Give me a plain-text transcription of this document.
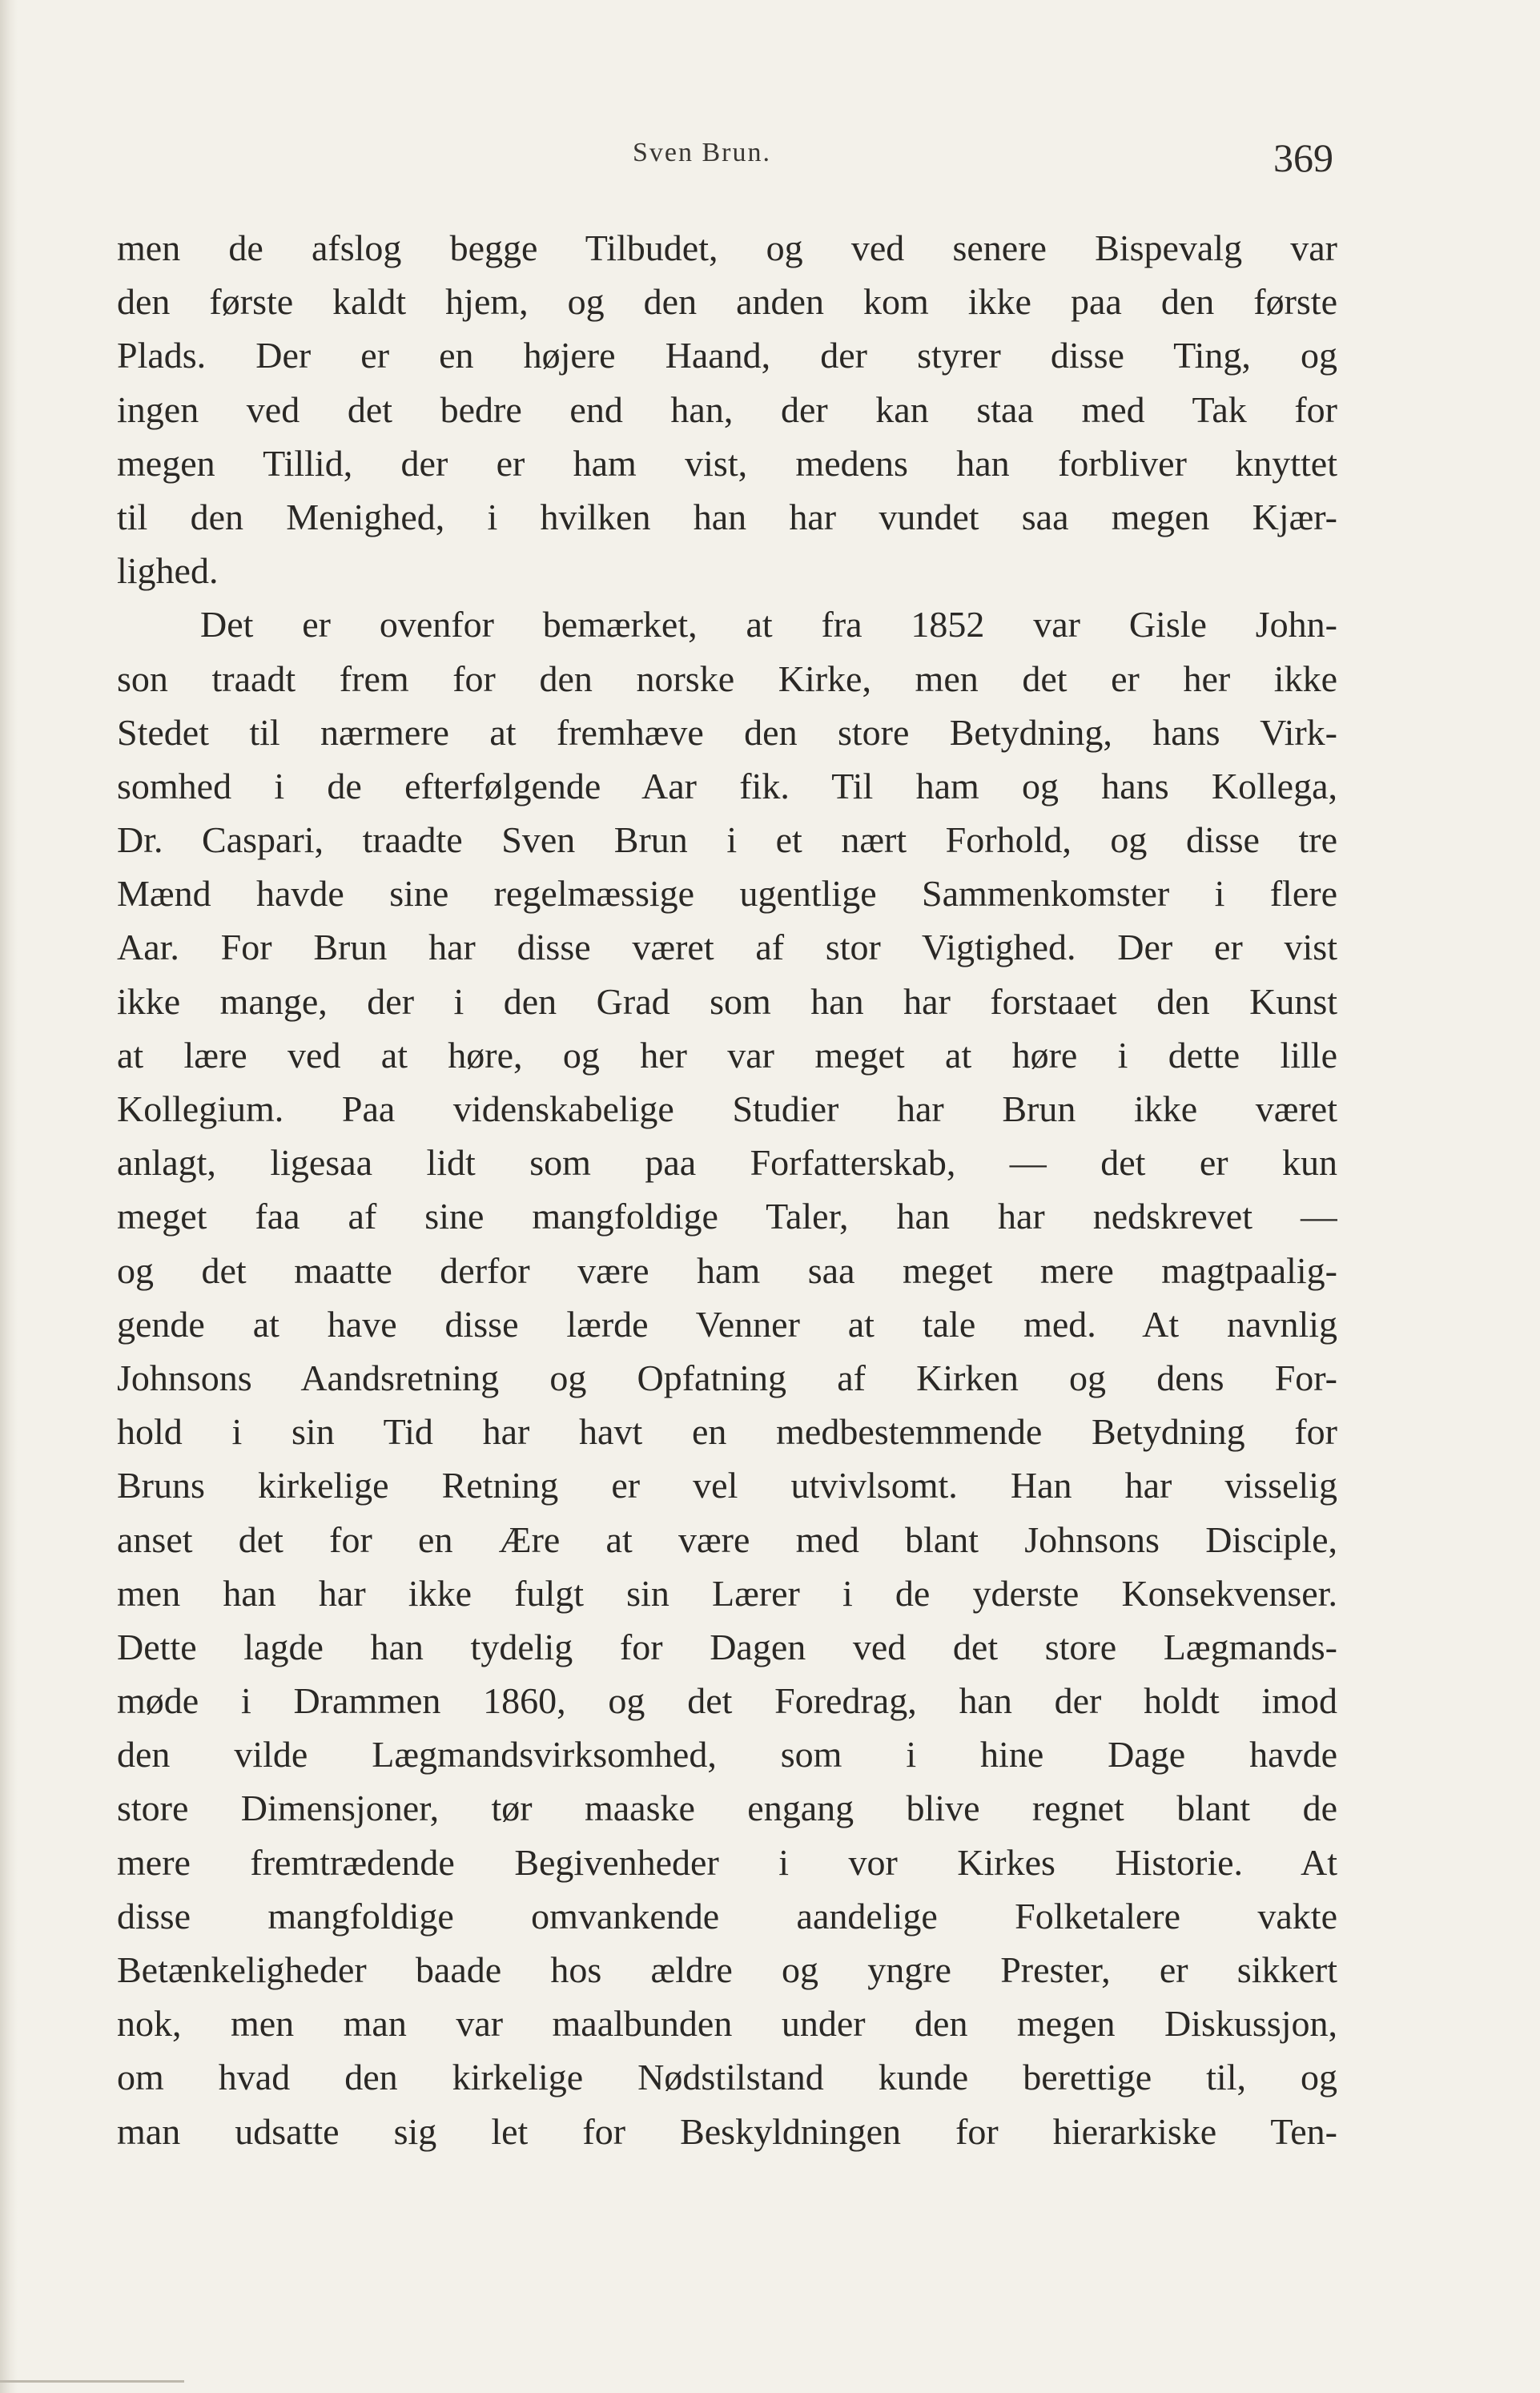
Sven Brun.	369
men de afslog begge Tilbudet, og ved senere Bispevalg var
den første kaldt hjem, og den anden kom ikke paa den første
Plads. Der er en højere Haand, der styrer disse Ting, og
ingen ved det bedre end han, der kan staa med Tak for
megen Tillid, der er ham vist, medens han forbliver knyttet
til den Menighed, i hvilken han har vundet saa megen Kjær-
lighed.
Det er ovenfor bemærket, at fra 1852 var Gisle John-
son traadt frem for den norske Kirke, men det er her ikke
Stedet til nærmere at fremhæve den store Betydning, hans Virk-
somhed i de efterfølgende Aar fik. Til ham og hans Kollega,
Dr. Caspari, traadte Sven Brun i et nært Forhold, og disse tre
Mænd havde sine regelmæssige ugentlige Sammenkomster i flere
Aar. For Brun har disse været af stor Vigtighed. Der er vist
ikke mange, der i den Grad som han har forstaaet den Kunst
at lære ved at høre, og her var meget at høre i dette lille
Kollegium. Paa videnskabelige Studier har Brun ikke været
anlagt, ligesaa lidt som paa Forfatterskab, — det er kun
meget faa af sine mangfoldige Taler, han har nedskrevet —
og det maatte derfor være ham saa meget mere magtpaalig-
gende at have disse lærde Venner at tale med. At navnlig
Johnsons Aandsretning og Opfatning af Kirken og dens For-
hold i sin Tid har havt en medbestemmende Betydning for
Bruns kirkelige Retning er vel utvivlsomt. Han har visselig
anset det for en Ære at være med blant Johnsons Disciple,
men han har ikke fulgt sin Lærer i de yderste Konsekvenser.
Dette lagde han tydelig for Dagen ved det store Lægmands-
møde i Drammen 1860, og det Foredrag, han der holdt imod
den vilde Lægmandsvirksomhed, som i hine Dage havde
store Dimensjoner, tør maaske engang blive regnet blant de
mere fremtrædende Begivenheder i vor Kirkes Historie. At
disse mangfoldige omvankende aandelige Folketalere vakte
Betænkeligheder baade hos ældre og yngre Prester, er sikkert
nok, men man var maalbunden under den megen Diskussjon,
om hvad den kirkelige Nødstilstand kunde berettige til, og
man udsatte sig let for Beskyldningen for hierarkiske Ten-
